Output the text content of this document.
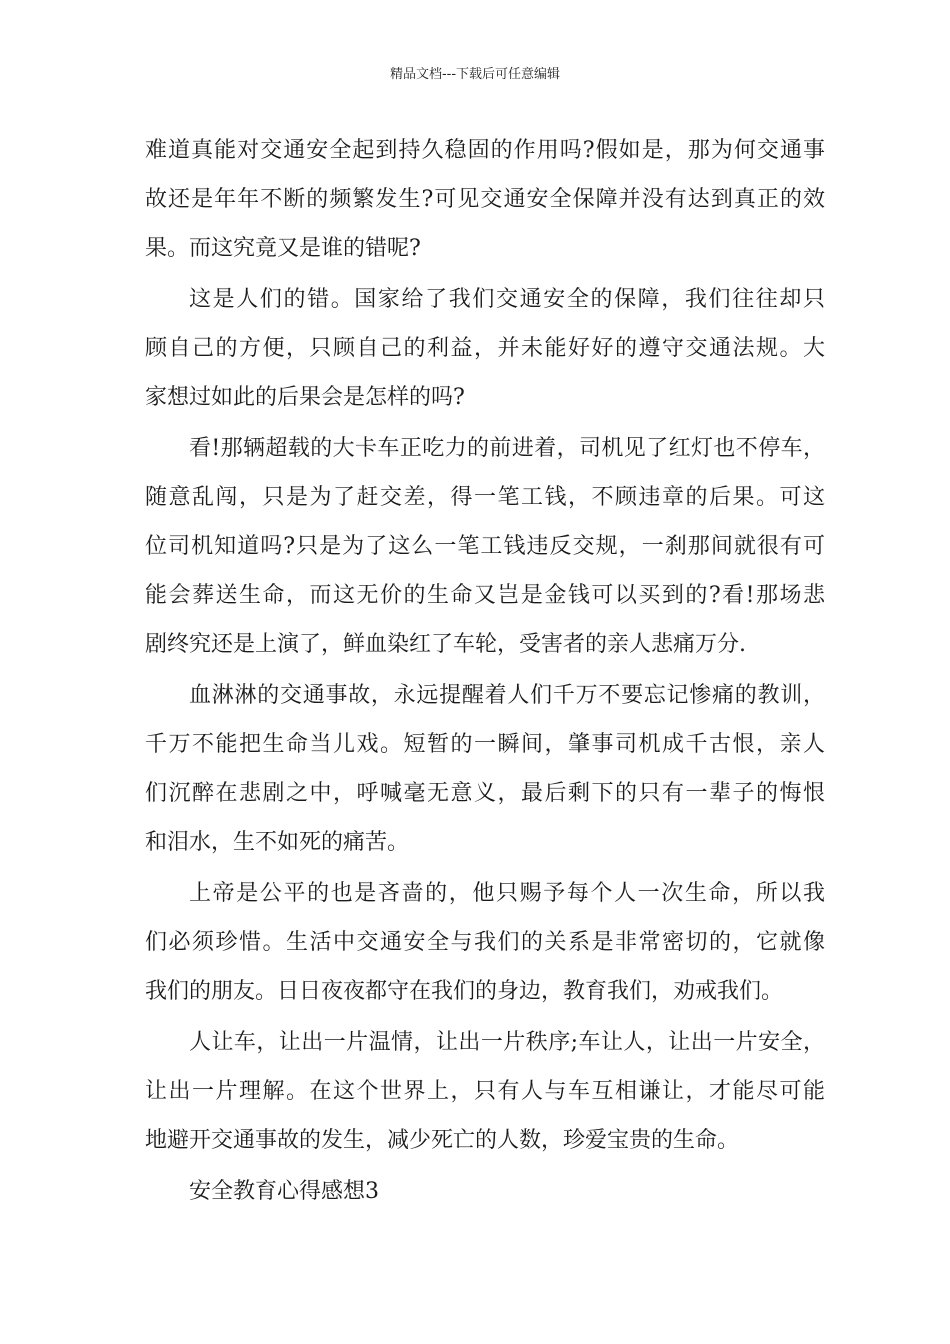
精品文档---下载后可任意编辑
难道真能对交通安全起到持久稳固的作用吗?假如是，那为何交通事
故还是年年不断的频繁发生?可见交通安全保障并没有达到真正的效
果。而这究竟又是谁的错呢?
这是人们的错。国家给了我们交通安全的保障，我们往往却只
顾自己的方便，只顾自己的利益，并未能好好的遵守交通法规。大
家想过如此的后果会是怎样的吗?
看!那辆超载的大卡车正吃力的前进着，司机见了红灯也不停车，
随意乱闯，只是为了赶交差，得一笔工钱，不顾违章的后果。可这
位司机知道吗?只是为了这么一笔工钱违反交规，一刹那间就很有可
能会葬送生命，而这无价的生命又岂是金钱可以买到的?看!那场悲
剧终究还是上演了，鲜血染红了车轮，受害者的亲人悲痛万分.
血淋淋的交通事故，永远提醒着人们千万不要忘记惨痛的教训，
千万不能把生命当儿戏。短暂的一瞬间，肇事司机成千古恨，亲人
们沉醉在悲剧之中，呼喊毫无意义，最后剩下的只有一辈子的悔恨
和泪水，生不如死的痛苦。
上帝是公平的也是吝啬的，他只赐予每个人一次生命，所以我
们必须珍惜。生活中交通安全与我们的关系是非常密切的，它就像
我们的朋友。日日夜夜都守在我们的身边，教育我们，劝戒我们。
人让车，让出一片温情，让出一片秩序;车让人，让出一片安全，
让出一片理解。在这个世界上，只有人与车互相谦让，才能尽可能
地避开交通事故的发生，减少死亡的人数，珍爱宝贵的生命。
安全教育心得感想3
